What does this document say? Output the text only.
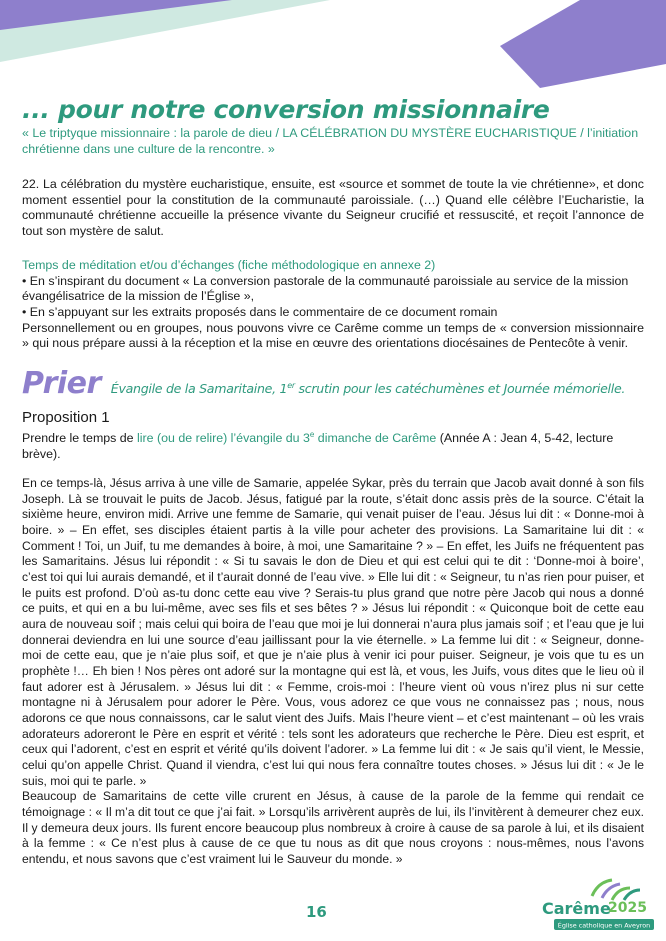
... pour notre conversion missionnaire

« Le triptyque missionnaire : la parole de dieu / LA CÉLÉBRATION DU MYSTÈRE EUCHARISTIQUE / l’initiation chrétienne dans une culture de la rencontre. »

22. La célébration du mystère eucharistique, ensuite, est «source et sommet de toute la vie chrétienne», et donc moment essentiel pour la constitution de la communauté paroissiale. (…) Quand elle célèbre l’Eucharistie, la communauté chrétienne accueille la présence vivante du Seigneur crucifié et ressuscité, et reçoit l’annonce de tout son mystère de salut.

Temps de méditation et/ou d’échanges (fiche méthodologique en annexe 2)

• En s’inspirant du document « La conversion pastorale de la communauté paroissiale au service de la mission évangélisatrice de la mission de l’Église »,

• En s’appuyant sur les extraits proposés dans le commentaire de ce document romain

Personnellement ou en groupes, nous pouvons vivre ce Carême comme un temps de « conversion missionnaire » qui nous prépare aussi à la réception et la mise en œuvre des orientations diocésaines de Pentecôte à venir.

Prier Évangile de la Samaritaine, 1er scrutin pour les catéchumènes et Journée mémorielle.

Proposition 1

Prendre le temps de lire (ou de relire) l’évangile du 3e dimanche de Carême (Année A : Jean 4, 5-42, lecture brève).

En ce temps-là, Jésus arriva à une ville de Samarie, appelée Sykar, près du terrain que Jacob avait donné à son fils Joseph. Là se trouvait le puits de Jacob. Jésus, fatigué par la route, s’était donc assis près de la source. C’était la sixième heure, environ midi. Arrive une femme de Samarie, qui venait puiser de l’eau. Jésus lui dit : « Donne-moi à boire. » – En effet, ses disciples étaient partis à la ville pour acheter des provisions. La Samaritaine lui dit : « Comment ! Toi, un Juif, tu me demandes à boire, à moi, une Samaritaine ? » – En effet, les Juifs ne fréquentent pas les Samaritains. Jésus lui répondit : « Si tu savais le don de Dieu et qui est celui qui te dit : ‘Donne-moi à boire’, c’est toi qui lui aurais demandé, et il t’aurait donné de l’eau vive. » Elle lui dit : « Seigneur, tu n’as rien pour puiser, et le puits est profond. D’où as-tu donc cette eau vive ? Serais-tu plus grand que notre père Jacob qui nous a donné ce puits, et qui en a bu lui-même, avec ses fils et ses bêtes ? » Jésus lui répondit : « Quiconque boit de cette eau aura de nouveau soif ; mais celui qui boira de l’eau que moi je lui donnerai n’aura plus jamais soif ; et l’eau que je lui donnerai deviendra en lui une source d’eau jaillissant pour la vie éternelle. » La femme lui dit : « Seigneur, donne-moi de cette eau, que je n’aie plus soif, et que je n’aie plus à venir ici pour puiser. Seigneur, je vois que tu es un prophète !… Eh bien ! Nos pères ont adoré sur la montagne qui est là, et vous, les Juifs, vous dites que le lieu où il faut adorer est à Jérusalem. » Jésus lui dit : « Femme, crois-moi : l’heure vient où vous n’irez plus ni sur cette montagne ni à Jérusalem pour adorer le Père. Vous, vous adorez ce que vous ne connaissez pas ; nous, nous adorons ce que nous connaissons, car le salut vient des Juifs. Mais l’heure vient – et c’est maintenant – où les vrais adorateurs adoreront le Père en esprit et vérité : tels sont les adorateurs que recherche le Père. Dieu est esprit, et ceux qui l’adorent, c’est en esprit et vérité qu’ils doivent l’adorer. » La femme lui dit : « Je sais qu’il vient, le Messie, celui qu’on appelle Christ. Quand il viendra, c’est lui qui nous fera connaître toutes choses. » Jésus lui dit : « Je le suis, moi qui te parle. »

Beaucoup de Samaritains de cette ville crurent en Jésus, à cause de la parole de la femme qui rendait ce témoignage : « Il m’a dit tout ce que j’ai fait. » Lorsqu’ils arrivèrent auprès de lui, ils l’invitèrent à demeurer chez eux. Il y demeura deux jours. Ils furent encore beaucoup plus nombreux à croire à cause de sa parole à lui, et ils disaient à la femme : « Ce n’est plus à cause de ce que tu nous as dit que nous croyons : nous-mêmes, nous l’avons entendu, et nous savons que c’est vraiment lui le Sauveur du monde. »

16	Carême
2025
Église catholique en Aveyron
